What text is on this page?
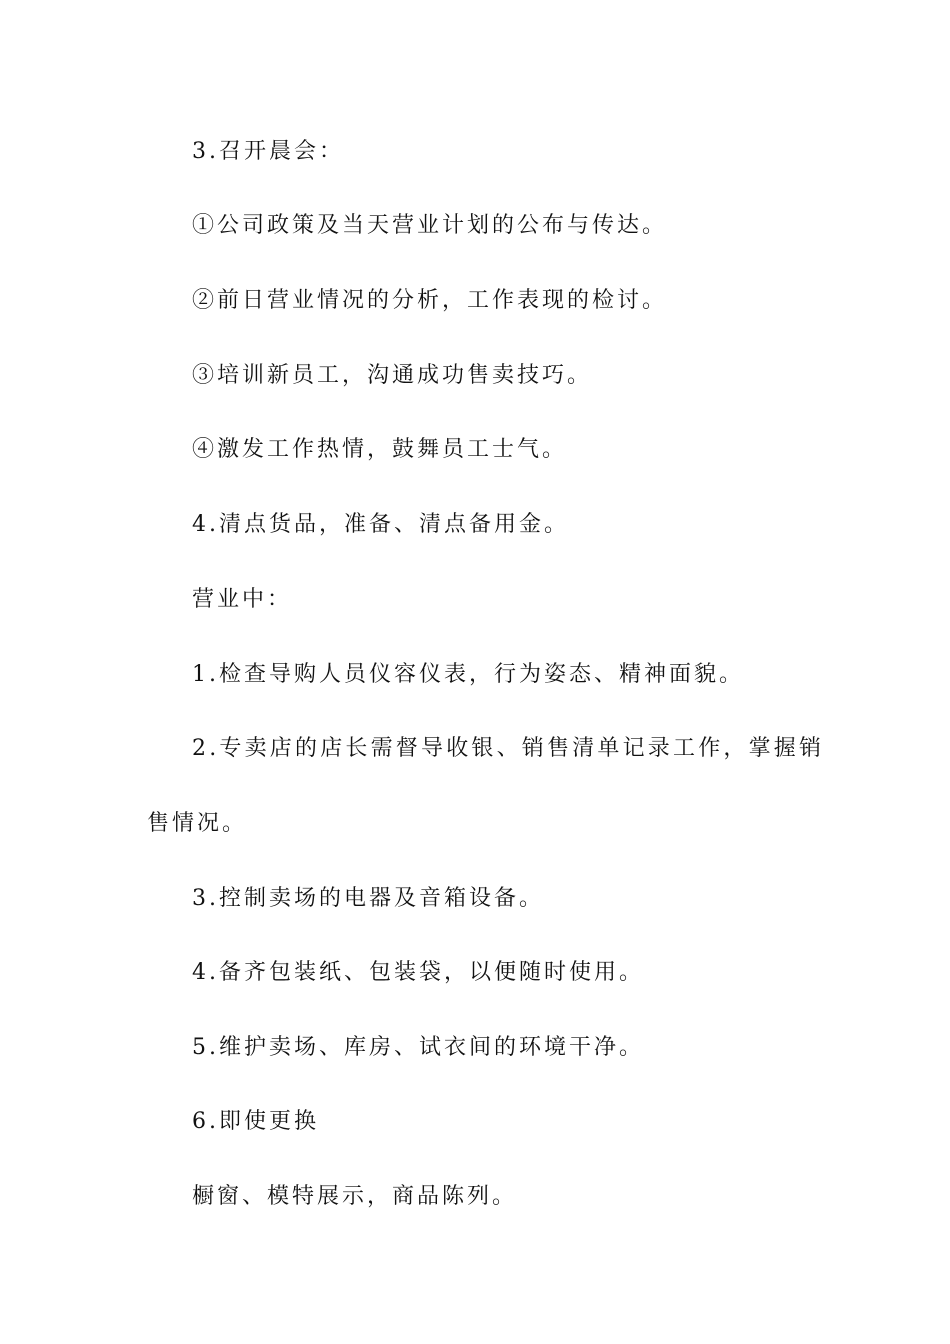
3.召开晨会：
①公司政策及当天营业计划的公布与传达。
②前日营业情况的分析，工作表现的检讨。
③培训新员工，沟通成功售卖技巧。
④激发工作热情，鼓舞员工士气。
4.清点货品，准备、清点备用金。
营业中：
1.检查导购人员仪容仪表，行为姿态、精神面貌。
2.专卖店的店长需督导收银、销售清单记录工作，掌握销
售情况。
3.控制卖场的电器及音箱设备。
4.备齐包装纸、包装袋，以便随时使用。
5.维护卖场、库房、试衣间的环境干净。
6.即使更换
橱窗、模特展示，商品陈列。
